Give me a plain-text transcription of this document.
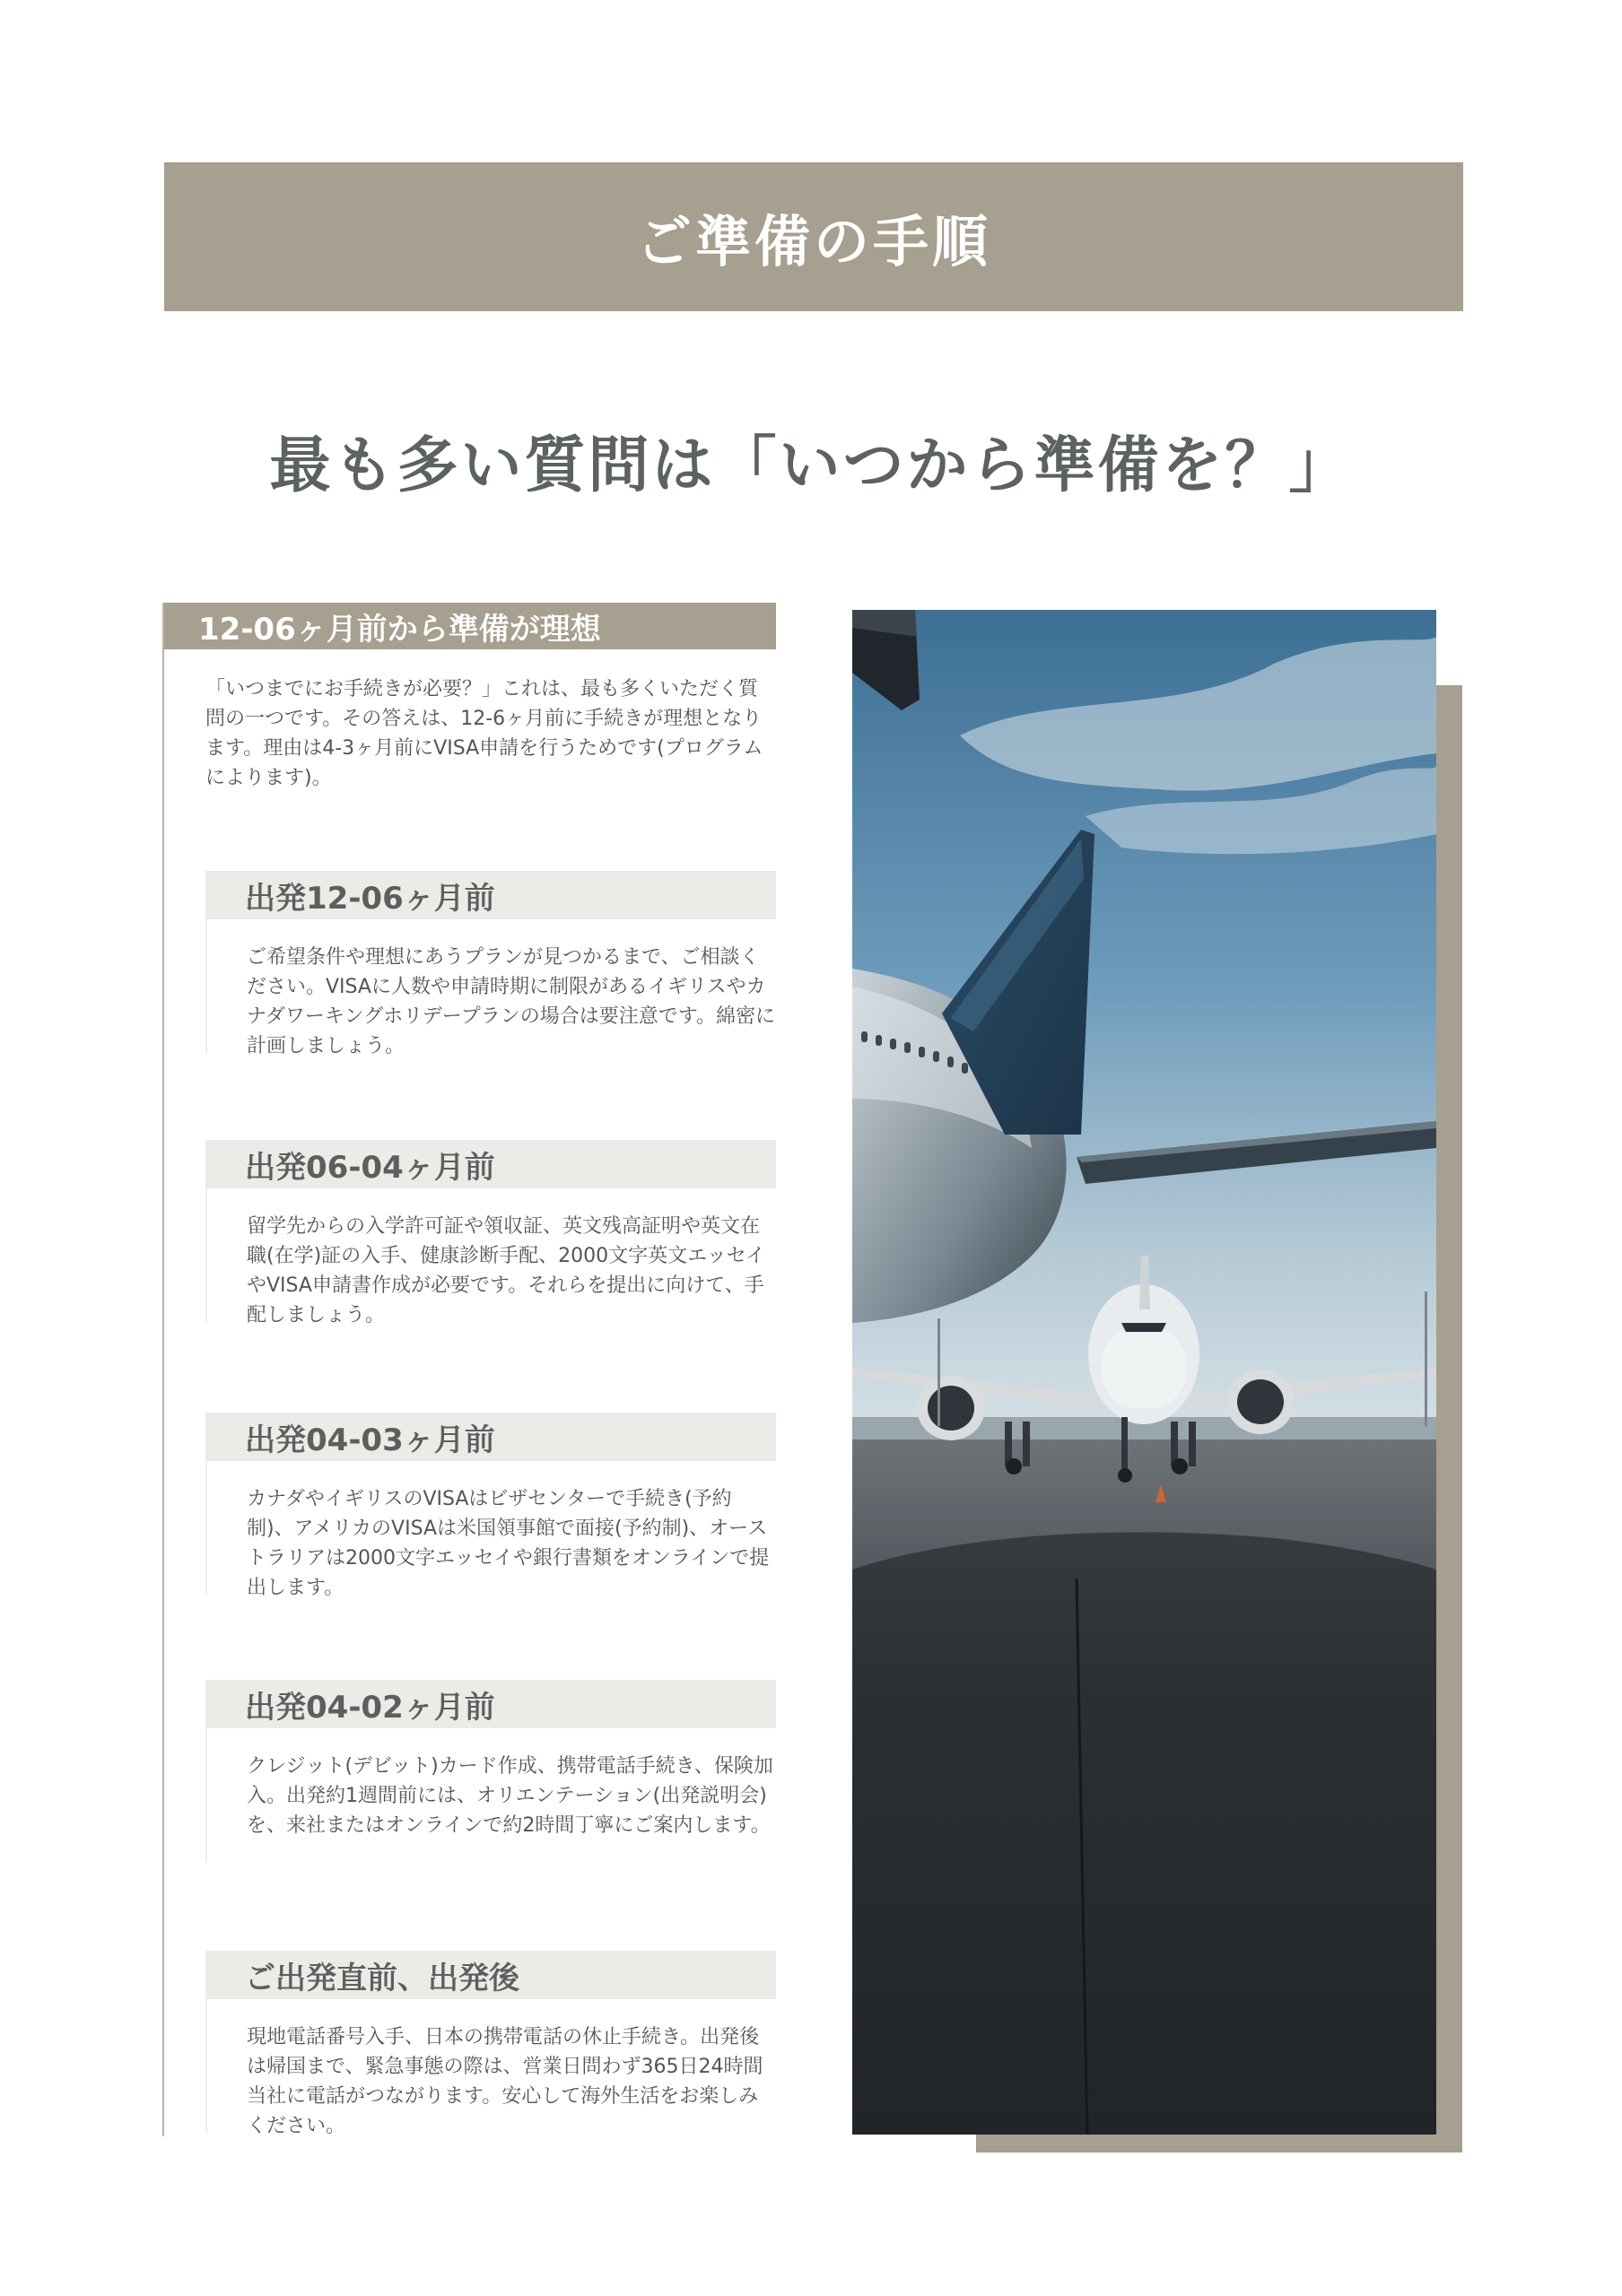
ご準備の手順
最も多い質問は「いつから準備を？」
12-06ヶ月前から準備が理想

「いつまでにお手続きが必要？」これは、最も多くいただく質問の一つです。その答えは、12-6ヶ月前に手続きが理想となります。理由は4-3ヶ月前にVISA申請を行うためです(プログラムによります)。

出発12-06ヶ月前

ご希望条件や理想にあうプランが見つかるまで、ご相談ください。VISAに人数や申請時期に制限があるイギリスやカナダワーキングホリデープランの場合は要注意です。綿密に計画しましょう。

出発06-04ヶ月前

留学先からの入学許可証や領収証、英文残高証明や英文在職(在学)証の入手、健康診断手配、2000文字英文エッセイやVISA申請書作成が必要です。それらを提出に向けて、手配しましょう。

出発04-03ヶ月前

カナダやイギリスのVISAはビザセンターで手続き(予約制)、アメリカのVISAは米国領事館で面接(予約制)、オーストラリアは2000文字エッセイや銀行書類をオンラインで提出します。

出発04-02ヶ月前

クレジット(デビット)カード作成、携帯電話手続き、保険加入。出発約1週間前には、オリエンテーション(出発説明会)を、来社またはオンラインで約2時間丁寧にご案内します。

ご出発直前、出発後

現地電話番号入手、日本の携帯電話の休止手続き。出発後は帰国まで、緊急事態の際は、営業日問わず365日24時間当社に電話がつながります。安心して海外生活をお楽しみください。
